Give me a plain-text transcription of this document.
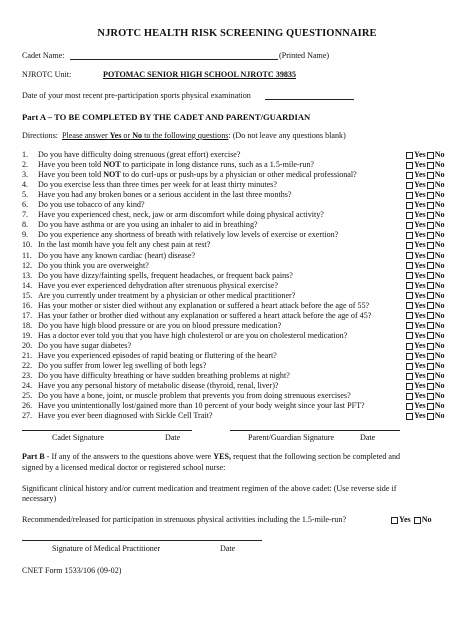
NJROTC HEALTH RISK SCREENING QUESTIONNAIRE
Cadet Name:	(Printed Name)
NJROTC Unit:	POTOMAC SENIOR HIGH SCHOOL NJROTC 39835
Date of your most recent pre-participation sports physical examination
Part A – TO BE COMPLETED BY THE CADET AND PARENT/GUARDIAN
Directions: Please answer Yes or No to the following questions: (Do not leave any questions blank)
1. Do you have difficulty doing strenuous (great effort) exercise?	Yes No
2. Have you been told NOT to participate in long distance runs, such as a 1.5-mile-run?	Yes No
3. Have you been told NOT to do curl-ups or push-ups by a physician or other medical professional?	Yes No
4. Do you exercise less than three times per week for at least thirty minutes?	Yes No
5. Have you had any broken bones or a serious accident in the last three months?	Yes No
6. Do you use tobacco of any kind?	Yes No
7. Have you experienced chest, neck, jaw or arm discomfort while doing physical activity?	Yes No
8. Do you have asthma or are you using an inhaler to aid in breathing?	Yes No
9. Do you experience any shortness of breath with relatively low levels of exercise or exertion?	Yes No
10. In the last month have you felt any chest pain at rest?	Yes No
11. Do you have any known cardiac (heart) disease?	Yes No
12. Do you think you are overweight?	Yes No
13. Do you have dizzy/fainting spells, frequent headaches, or frequent back pains?	Yes No
14. Have you ever experienced dehydration after strenuous physical exercise?	Yes No
15. Are you currently under treatment by a physician or other medical practitioner?	Yes No
16. Has your mother or sister died without any explanation or suffered a heart attack before the age of 55?	Yes No
17. Has your father or brother died without any explanation or suffered a heart attack before the age of 45?	Yes No
18. Do you have high blood pressure or are you on blood pressure medication?	Yes No
19. Has a doctor ever told you that you have high cholesterol or are you on cholesterol medication?	Yes No
20. Do you have sugar diabetes?	Yes No
21. Have you experienced episodes of rapid beating or fluttering of the heart?	Yes No
22. Do you suffer from lower leg swelling of both legs?	Yes No
23. Do you have difficulty breathing or have sudden breathing problems at night?	Yes No
24. Have you any personal history of metabolic disease (thyroid, renal, liver)?	Yes No
25. Do you have a bone, joint, or muscle problem that prevents you from doing strenuous exercises?	Yes No
26. Have you unintentionally lost/gained more than 10 percent of your body weight since your last PFT?	Yes No
27. Have you ever been diagnosed with Sickle Cell Trait?	Yes No
Cadet Signature	Date	Parent/Guardian Signature	Date
Part B - If any of the answers to the questions above were YES, request that the following section be completed and
signed by a licensed medical doctor or registered school nurse:
Significant clinical history and/or current medication and treatment regimen of the above cadet: (Use reverse side if
necessary)
Recommended/released for participation in strenuous physical activities including the 1.5-mile-run?	Yes No
Signature of Medical Practitioner	Date
CNET Form 1533/106 (09-02)
